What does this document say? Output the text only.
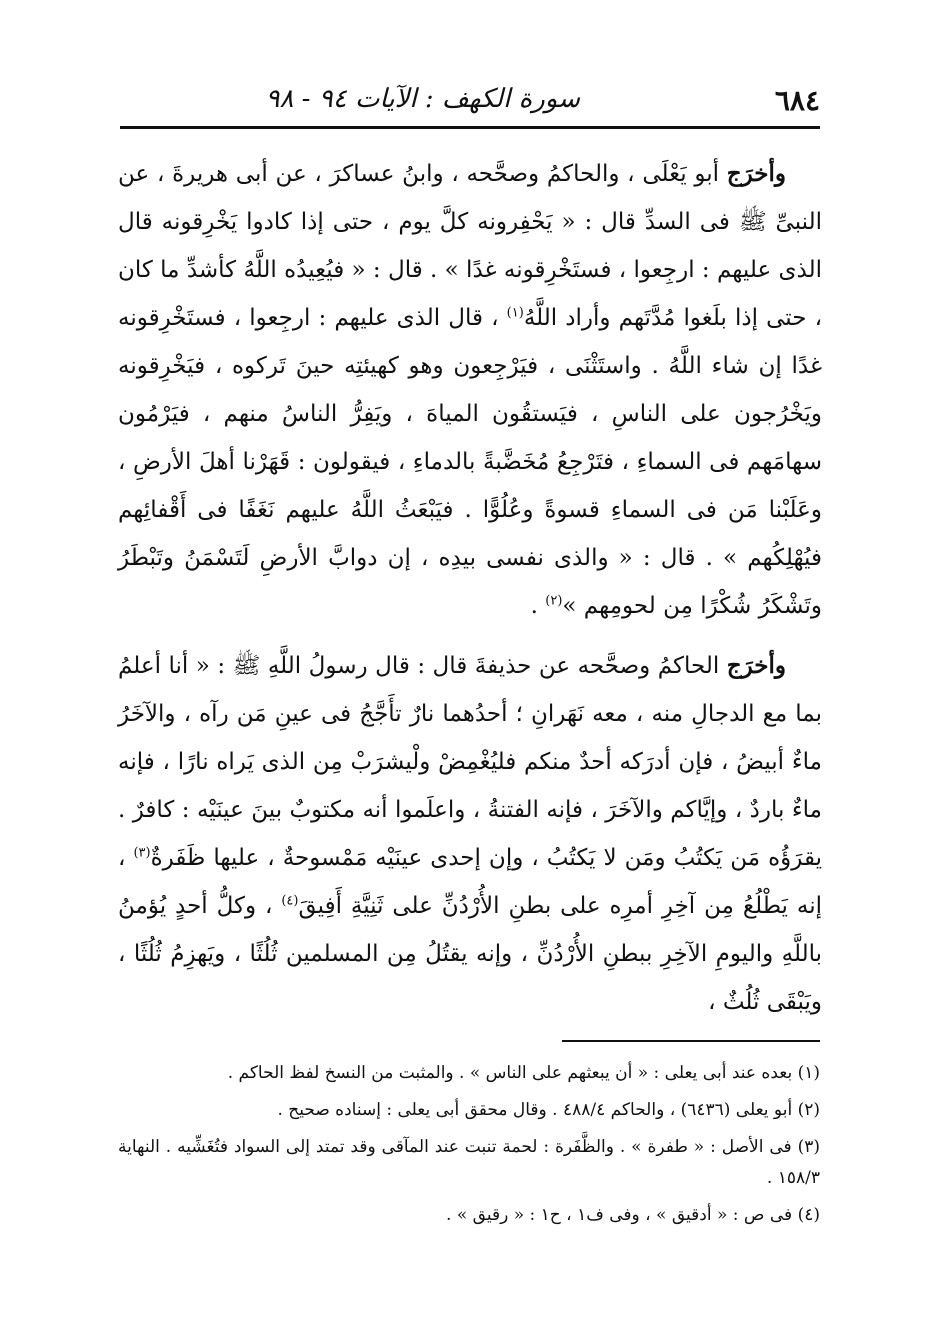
٦٨٤
سورة الكهف : الآيات ٩٤ - ٩٨

وأخرَج أبو يَعْلَى ، والحاكمُ وصحَّحه ، وابنُ عساكرَ ، عن أبى هريرةَ ، عن النبىِّ ﷺ فى السدِّ قال : « يَحْفِرونه كلَّ يوم ، حتى إذا كادوا يَخْرِقونه قال الذى عليهم : ارجِعوا ، فستَخْرِقونه غدًا » . قال : « فيُعِيدُه اللَّهُ كأشدِّ ما كان ، حتى إذا بلَغوا مُدَّتَهم وأراد اللَّهُ$^{(١)}$ ، قال الذى عليهم : ارجِعوا ، فستَخْرِقونه غدًا إن شاء اللَّهُ . واستَثْنَى ، فيَرْجِعون وهو كهيئتِه حينَ تَركوه ، فيَخْرِقونه ويَخْرُجون على الناسِ ، فيَستقُون المياهَ ، ويَفِرُّ الناسُ منهم ، فيَرْمُون سهامَهم فى السماءِ ، فتَرْجِعُ مُخَضَّبةً بالدماءِ ، فيقولون : قَهَرْنا أهلَ الأرضِ ، وعَلَبْنا مَن فى السماءِ قسوةً وعُلُوًّا . فيَبْعَثُ اللَّهُ عليهم نَغَفًا فى أَقْفائِهم فيُهْلِكُهم » . قال : « والذى نفسى بيدِه ، إن دوابَّ الأرضِ لَتَسْمَنُ وتَبْطَرُ وتَشْكَرُ شُكْرًا مِن لحومِهم »$^{(٢)}$ .

وأخرَج الحاكمُ وصحَّحه عن حذيفةَ قال : قال رسولُ اللَّهِ ﷺ : « أنا أعلمُ بما مع الدجالِ منه ، معه نَهَرانِ ؛ أحدُهما نارٌ تأَجَّجُ فى عينِ مَن رآه ، والآخَرُ ماءٌ أبيضُ ، فإن أدرَكه أحدٌ منكم فليُغْمِضْ ولْيشرَبْ مِن الذى يَراه نارًا ، فإنه ماءٌ باردٌ ، وإيَّاكم والآخَرَ ، فإنه الفتنةُ ، واعلَموا أنه مكتوبٌ بينَ عينَيْه : كافرٌ . يقرَؤُه مَن يَكتُبُ ومَن لا يَكتُبُ ، وإن إحدى عينَيْه مَمْسوحةٌ ، عليها ظَفَرةٌ$^{(٣)}$ ، إنه يَطْلُعُ مِن آخِرِ أمرِه على بطنِ الأُرْدُنِّ على ثَنِيَّةِ أَفِيقَ$^{(٤)}$ ، وكلُّ أحدٍ يُؤمنُ باللَّهِ واليومِ الآخِرِ ببطنِ الأُرْدُنِّ ، وإنه يقتُلُ مِن المسلمين ثُلُثًا ، ويَهزِمُ ثُلُثًا ، ويَبْقَى ثُلُثٌ ،

(١) بعده عند أبى يعلى : « أن يبعثهم على الناس » . والمثبت من النسخ لفظ الحاكم .

(٢) أبو يعلى (٦٤٣٦) ، والحاكم ٤٨٨/٤ . وقال محقق أبى يعلى : إسناده صحيح .

(٣) فى الأصل : « طفرة » . والظَّفَرة : لحمة تنبت عند المآقى وقد تمتد إلى السواد فتُغَشِّيه . النهاية ١٥٨/٣ .

(٤) فى ص : « أدقيق » ، وفى ف١ ، ح١ : « رقيق » .
